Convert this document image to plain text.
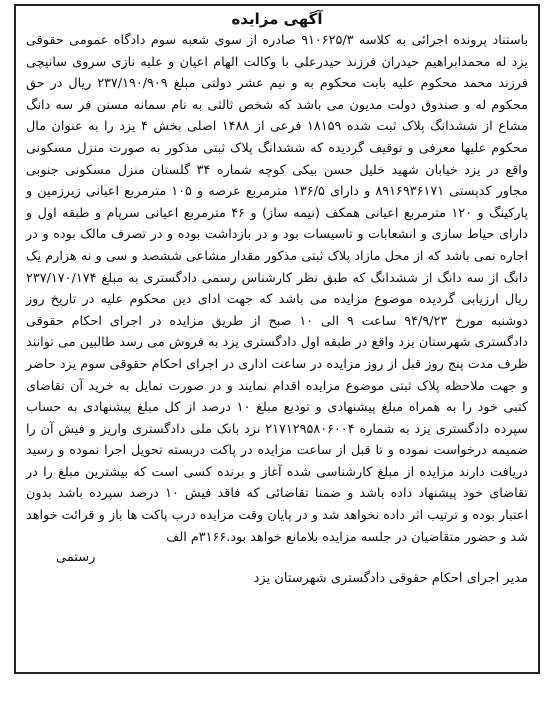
آگهی مزایده

باستناد پرونده اجرائی به کلاسه ۹۱۰۶۲۵/۳ صادره از سوی شعبه سوم دادگاه عمومی حقوقی یزد له محمدابراهیم حیدران فرزند حیدرعلی با وکالت الهام اعیان و علیه نازی سروی سانیچی فرزند محمد محکوم علیه بابت محکوم به و نیم عشر دولتی مبلغ ۲۳۷/۱۹۰/۹۰۹ ریال در حق محکوم له و صندوق دولت مدیون می باشد که شخص ثالثی به نام سمانه مسنن فر سه دانگ مشاع از ششدانگ پلاک ثبت شده ۱۸۱۵۹ فرعی از ۱۴۸۸ اصلی بخش ۴ یزد را به عنوان مال محکوم علیها معرفی و توقیف گردیده که ششدانگ پلاک ثبتی مذکور به صورت منزل مسکونی واقع در یزد خیابان شهید خلیل حسن بیکی کوچه شماره ۳۴ گلستان منزل مسکونی جنوبی مجاور کدپستی ۸۹۱۶۹۳۶۱۷۱ و دارای ۱۳۶/۵ مترمربع عرصه و ۱۰۵ مترمربع اعیانی زیرزمین و پارکینگ و ۱۲۰ مترمربع اعیانی همکف (نیمه ساز) و ۴۶ مترمربع اعیانی سرپام و طبقه اول و دارای حیاط سازی و انشعابات و تاسیسات بود و در بازداشت بوده و در تصرف مالک بوده و در اجاره نمی باشد که از محل مازاد پلاک ثبتی مذکور مقدار مشاعی ششصد و سی و نه هزارم یک دانگ از سه دانگ از ششدانگ که طبق نظر کارشناس رسمی دادگستری به مبلغ ۲۳۷/۱۷۰/۱۷۴ ریال ارزیابی گردیده موضوع مزایده می باشد که جهت ادای دین محکوم علیه در تاریخ روز دوشنبه مورخ ۹۴/۹/۲۳ ساعت ۹ الی ۱۰ صبح از طریق مزایده در اجرای احکام حقوقی دادگستری شهرستان یزد واقع در طبقه اول دادگستری یزد به فروش می رسد طالبین می توانند ظرف مدت پنج روز قبل از روز مزایده در ساعت اداری در اجرای احکام حقوقی سوم یزد حاضر و جهت ملاحظه پلاک ثبتی موضوع مزایده اقدام نمایند و در صورت تمایل به خرید آن تقاضای کتبی خود را به همراه مبلغ پیشنهادی و تودیع مبلغ ۱۰ درصد از کل مبلغ پیشنهادی به حساب سپرده دادگستری یزد به شماره ۲۱۷۱۲۹۵۸۰۶۰۰۴ نزد بانک ملی دادگستری واریز و فیش آن را ضمیمه درخواست نموده و تا قبل از ساعت مزایده در پاکت دربسته تحویل اجرا نموده و رسید دریافت دارند مزایده از مبلغ کارشناسی شده آغاز و برنده کسی است که بیشترین مبلغ را در تقاضای خود پیشنهاد داده باشد و ضمنا تقاضائی که فاقد فیش ۱۰ درصد سپرده باشد بدون اعتبار بوده و ترتیب اثر داده نخواهد شد و در پایان وقت مزایده درب پاکت ها باز و قرائت خواهد شد و حضور متقاضیان در جلسه مزایده بلامانع خواهد بود.۳۱۶۶م الف

رستمی

مدیر اجرای احکام حقوقی دادگستری شهرستان یزد
